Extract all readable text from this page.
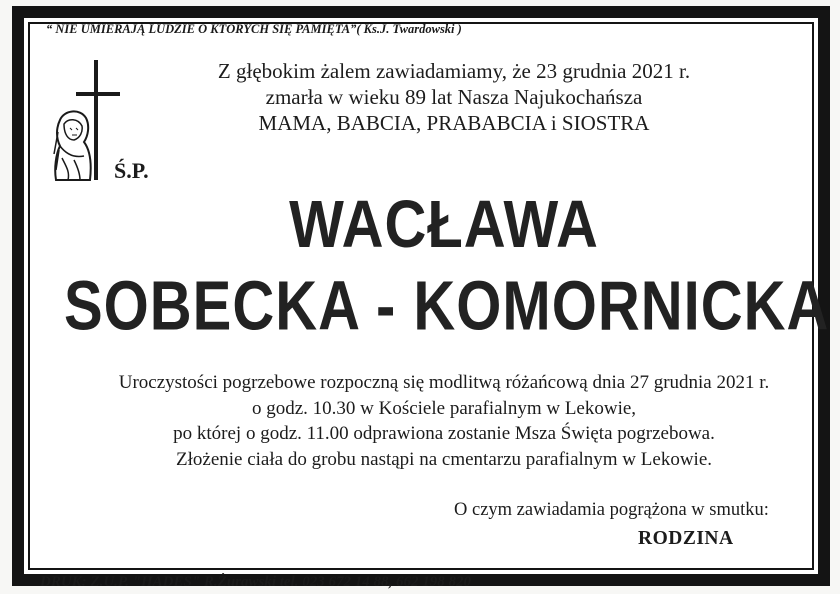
“ NIE UMIERAJĄ LUDZIE O KTÓRYCH SIĘ PAMIĘTA”( Ks.J. Twardowski )
Ś.P.
Z głębokim żalem zawiadamiamy, że 23 grudnia 2021 r.
zmarła w wieku 89 lat Nasza Najukochańsza
MAMA, BABCIA, PRABABCIA i SIOSTRA
WACŁAWA
SOBECKA - KOMORNICKA
Uroczystości pogrzebowe rozpoczną się modlitwą różańcową dnia 27 grudnia 2021 r.
o godz. 10.30 w Kościele parafialnym w Lekowie,
po której o godz. 11.00 odprawiona zostanie Msza Święta pogrzebowa.
Złożenie ciała do grobu nastąpi na cmentarzu parafialnym w Lekowie.
O czym zawiadamia pogrążona w smutku:
RODZINA
DRUK: Z.U.P. "HADES" R.Żurawski tel. 023 672 14 88, 662 198 820
